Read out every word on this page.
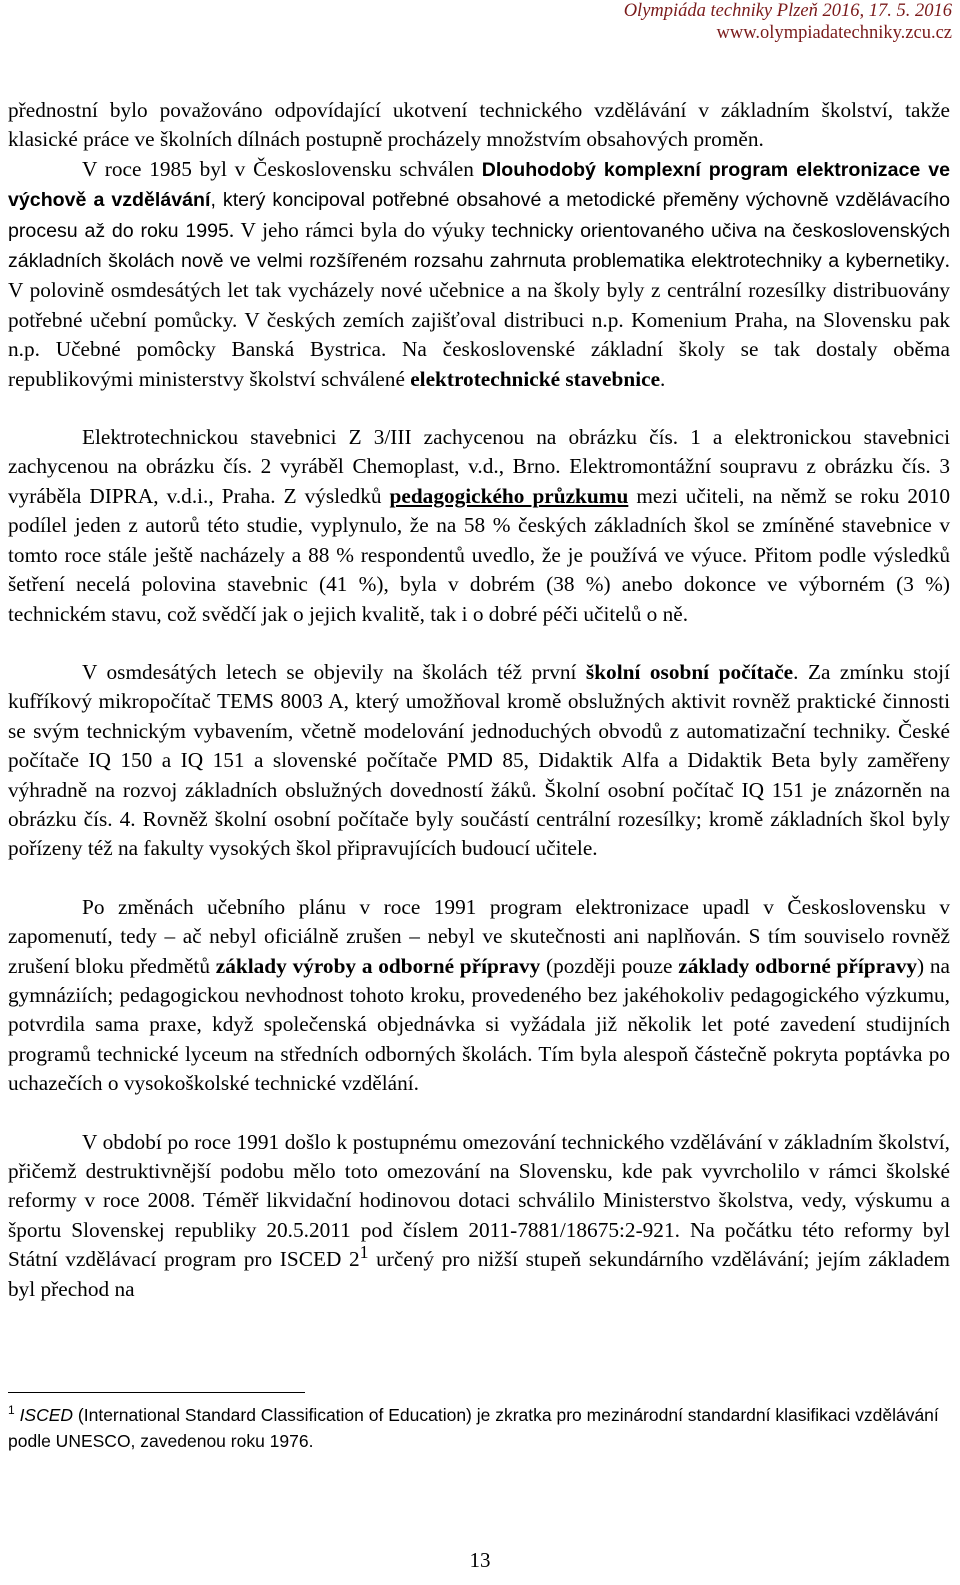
Olympiáda techniky Plzeň 2016, 17. 5. 2016
www.olympiadatechniky.zcu.cz

přednostní bylo považováno odpovídající ukotvení technického vzdělávání v základním školství, takže klasické práce ve školních dílnách postupně procházely množstvím obsahových proměn.

V roce 1985 byl v Československu schválen Dlouhodobý komplexní program elektronizace ve výchově a vzdělávání, který koncipoval potřebné obsahové a metodické přeměny výchovně vzdělávacího procesu až do roku 1995. V jeho rámci byla do výuky technicky orientovaného učiva na československých základních školách nově ve velmi rozšířeném rozsahu zahrnuta problematika elektrotechniky a kybernetiky. V polovině osmdesátých let tak vycházely nové učebnice a na školy byly z centrální rozesílky distribuovány potřebné učební pomůcky. V českých zemích zajišťoval distribuci n.p. Komenium Praha, na Slovensku pak n.p. Učebné pomôcky Banská Bystrica. Na československé základní školy se tak dostaly oběma republikovými ministerstvy školství schválené elektrotechnické stavebnice.

Elektrotechnickou stavebnici Z 3/III zachycenou na obrázku čís. 1 a elektronickou stavebnici zachycenou na obrázku čís. 2 vyráběl Chemoplast, v.d., Brno. Elektromontážní soupravu z obrázku čís. 3 vyráběla DIPRA, v.d.i., Praha. Z výsledků pedagogického průzkumu mezi učiteli, na němž se roku 2010 podílel jeden z autorů této studie, vyplynulo, že na 58 % českých základních škol se zmíněné stavebnice v tomto roce stále ještě nacházely a 88 % respondentů uvedlo, že je používá ve výuce. Přitom podle výsledků šetření necelá polovina stavebnic (41 %), byla v dobrém (38 %) anebo dokonce ve výborném (3 %) technickém stavu, což svědčí jak o jejich kvalitě, tak i o dobré péči učitelů o ně.

V osmdesátých letech se objevily na školách též první školní osobní počítače. Za zmínku stojí kufříkový mikropočítač TEMS 8003 A, který umožňoval kromě obslužných aktivit rovněž praktické činnosti se svým technickým vybavením, včetně modelování jednoduchých obvodů z automatizační techniky. České počítače IQ 150 a IQ 151 a slovenské počítače PMD 85, Didaktik Alfa a Didaktik Beta byly zaměřeny výhradně na rozvoj základních obslužných dovedností žáků. Školní osobní počítač IQ 151 je znázorněn na obrázku čís. 4. Rovněž školní osobní počítače byly součástí centrální rozesílky; kromě základních škol byly pořízeny též na fakulty vysokých škol připravujících budoucí učitele.

Po změnách učebního plánu v roce 1991 program elektronizace upadl v Československu v zapomenutí, tedy – ač nebyl oficiálně zrušen – nebyl ve skutečnosti ani naplňován. S tím souviselo rovněž zrušení bloku předmětů základy výroby a odborné přípravy (později pouze základy odborné přípravy) na gymnáziích; pedagogickou nevhodnost tohoto kroku, provedeného bez jakéhokoliv pedagogického výzkumu, potvrdila sama praxe, když společenská objednávka si vyžádala již několik let poté zavedení studijních programů technické lyceum na středních odborných školách. Tím byla alespoň částečně pokryta poptávka po uchazečích o vysokoškolské technické vzdělání.

V období po roce 1991 došlo k postupnému omezování technického vzdělávání v základním školství, přičemž destruktivnější podobu mělo toto omezování na Slovensku, kde pak vyvrcholilo v rámci školské reformy v roce 2008. Téměř likvidační hodinovou dotaci schválilo Ministerstvo školstva, vedy, výskumu a športu Slovenskej republiky 20.5.2011 pod číslem 2011-7881/18675:2-921. Na počátku této reformy byl Státní vzdělávací program pro ISCED $2^1$ určený pro nižší stupeň sekundárního vzdělávání; jejím základem byl přechod na

$^1$ ISCED (International Standard Classification of Education) je zkratka pro mezinárodní standardní klasifikaci vzdělávání podle UNESCO, zavedenou roku 1976.
13
